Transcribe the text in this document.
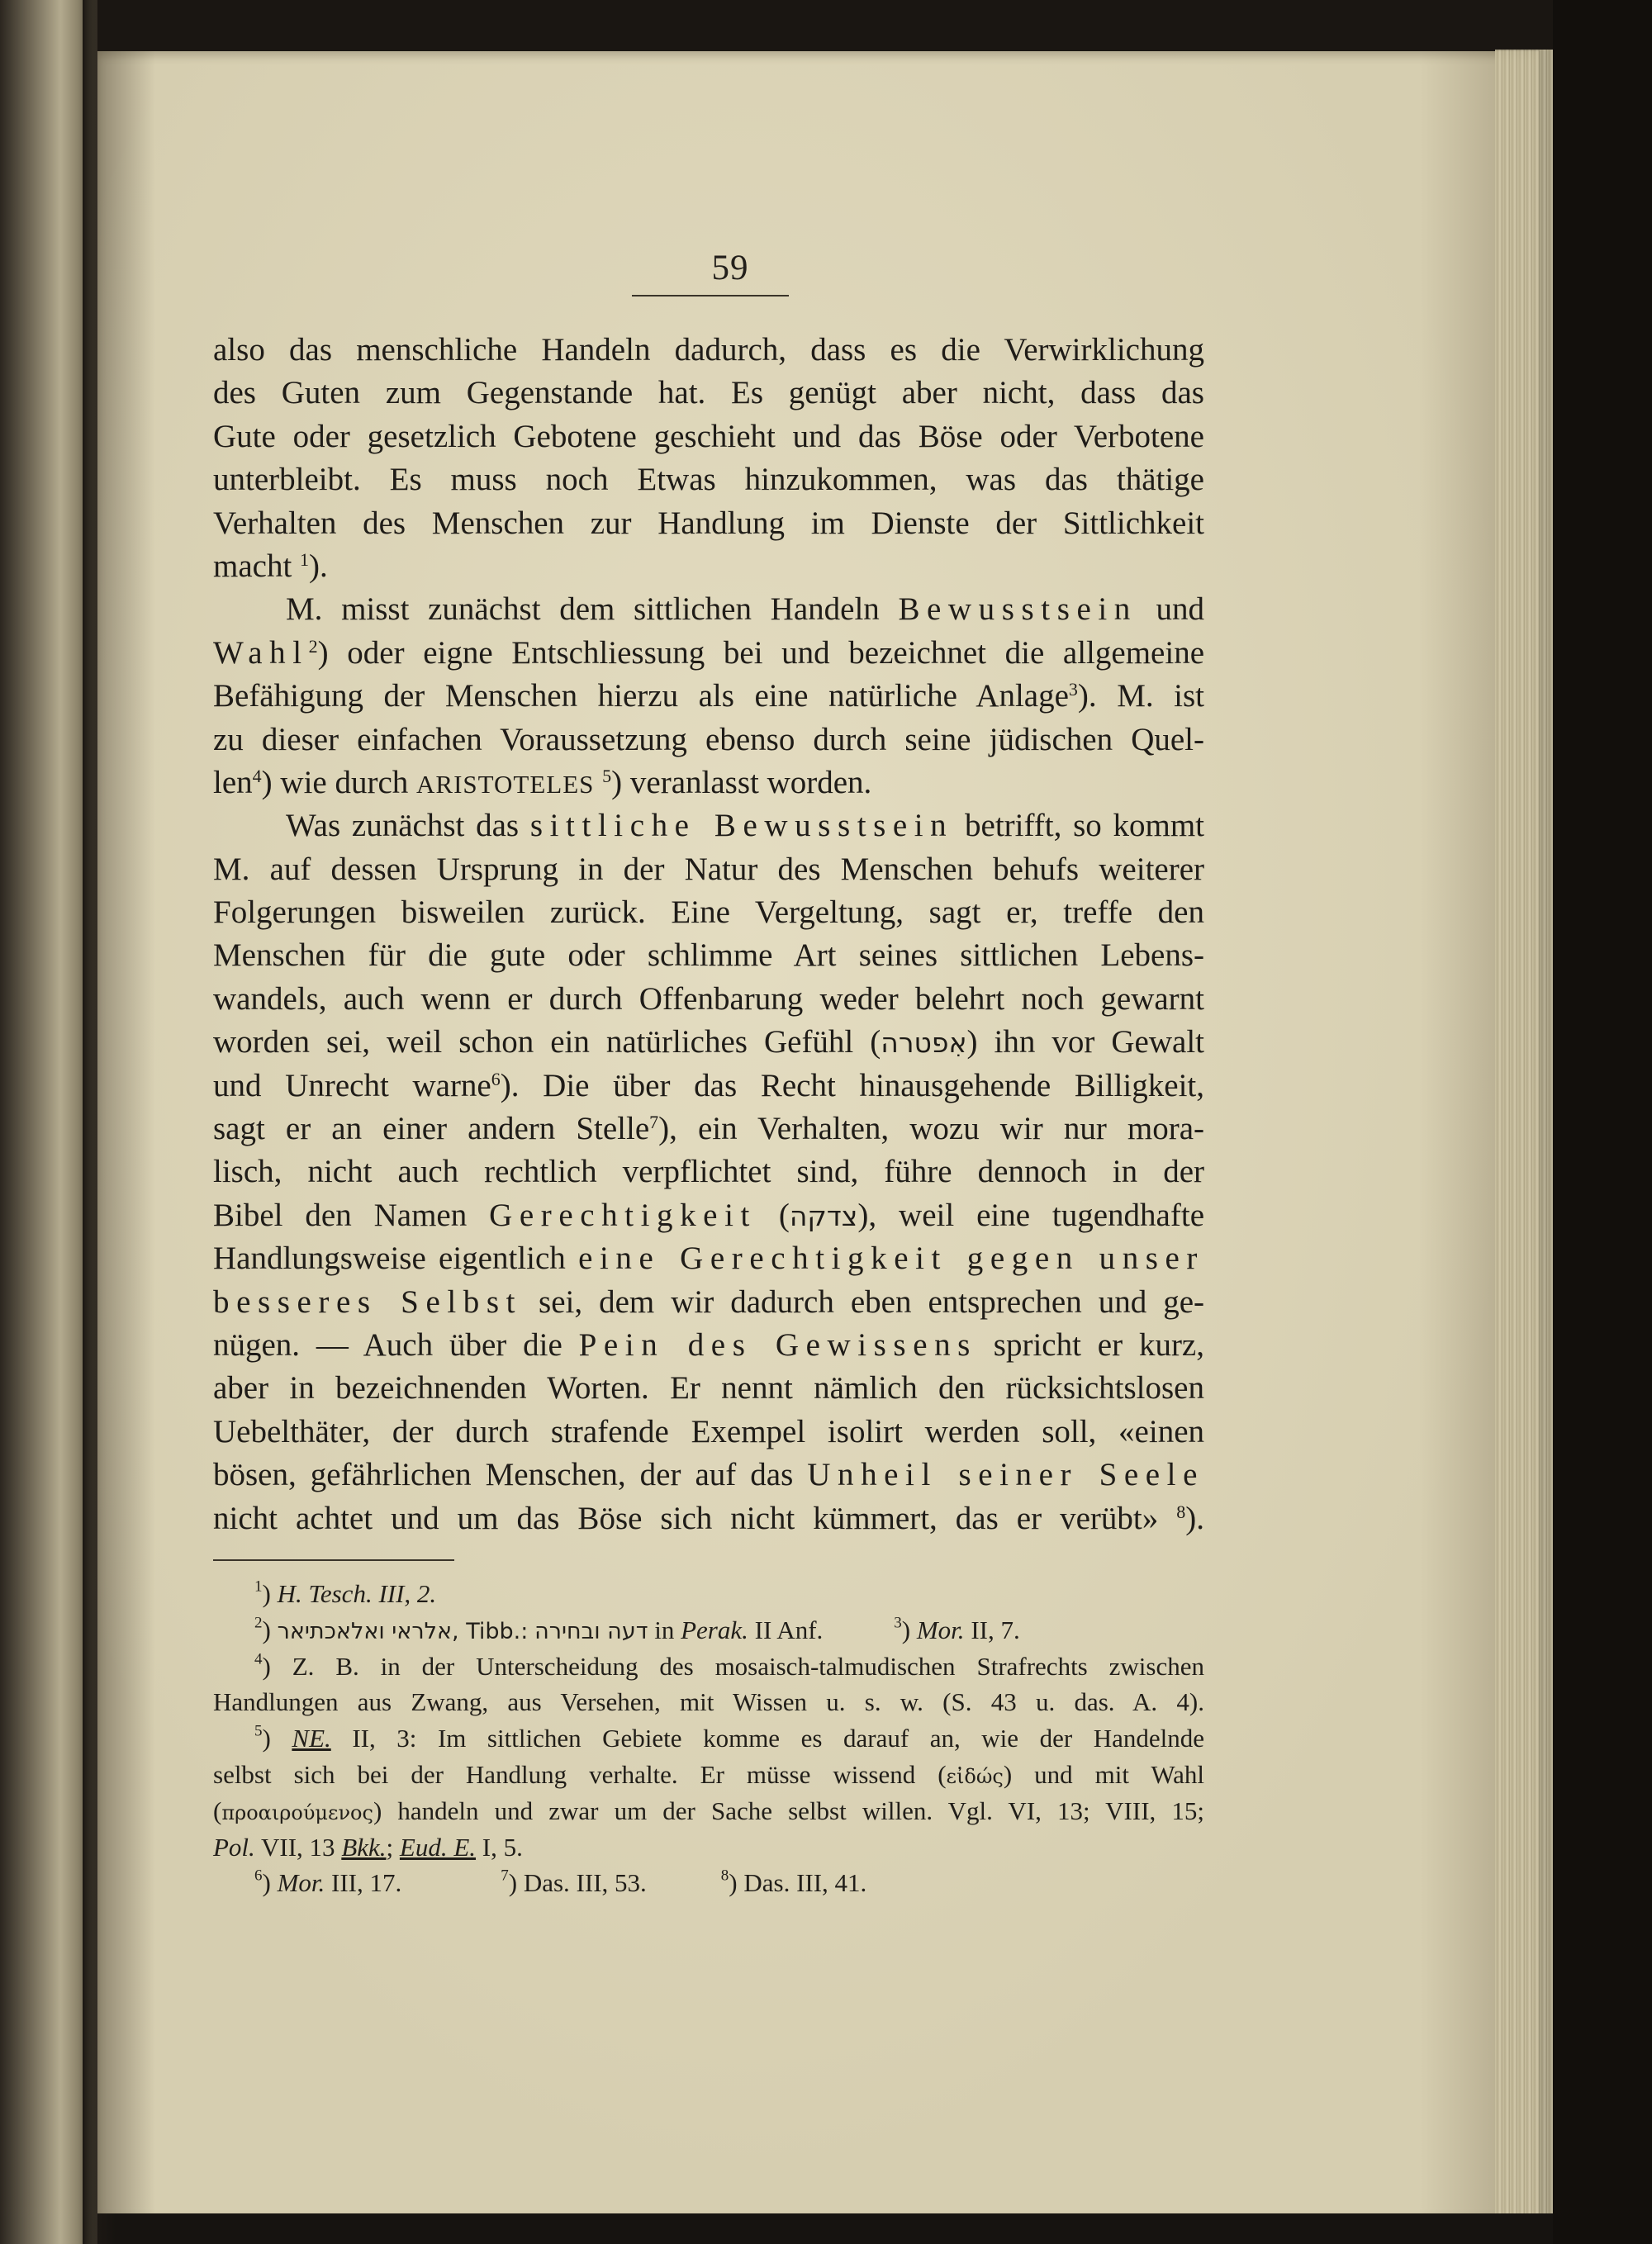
59
also das menschliche Handeln dadurch, dass es die Verwirklichung
des Guten zum Gegenstande hat. Es genügt aber nicht, dass das
Gute oder gesetzlich Gebotene geschieht und das Böse oder Verbotene
unterbleibt. Es muss noch Etwas hinzukommen, was das thätige
Verhalten des Menschen zur Handlung im Dienste der Sittlichkeit
macht $^1$).
M. misst zunächst dem sittlichen Handeln Bewusstsein und
Wahl$^2$) oder eigne Entschliessung bei und bezeichnet die allgemeine
Befähigung der Menschen hierzu als eine natürliche Anlage$^3$). M. ist
zu dieser einfachen Voraussetzung ebenso durch seine jüdischen Quel-
len$^4$) wie durch ARISTOTELES $^5$) veranlasst worden.
Was zunächst das sittliche Bewusstsein betrifft, so kommt
M. auf dessen Ursprung in der Natur des Menschen behufs weiterer
Folgerungen bisweilen zurück. Eine Vergeltung, sagt er, treffe den
Menschen für die gute oder schlimme Art seines sittlichen Lebens-
wandels, auch wenn er durch Offenbarung weder belehrt noch gewarnt
worden sei, weil schon ein natürliches Gefühl (אִפטרה) ihn vor Gewalt
und Unrecht warne$^6$). Die über das Recht hinausgehende Billigkeit,
sagt er an einer andern Stelle$^7$), ein Verhalten, wozu wir nur mora-
lisch, nicht auch rechtlich verpflichtet sind, führe dennoch in der
Bibel den Namen Gerechtigkeit (צדקה), weil eine tugendhafte
Handlungsweise eigentlich eine Gerechtigkeit gegen unser
besseres Selbst sei, dem wir dadurch eben entsprechen und ge-
nügen. — Auch über die Pein des Gewissens spricht er kurz,
aber in bezeichnenden Worten. Er nennt nämlich den rücksichtslosen
Uebelthäter, der durch strafende Exempel isolirt werden soll, «einen
bösen, gefährlichen Menschen, der auf das Unheil seiner Seele
nicht achtet und um das Böse sich nicht kümmert, das er verübt» $^8$).
$^1$) H. Tesch. III, 2.
$^2$) אלראי ואלאכתיאר, Tibb.: דעה ובחירה in Perak. II Anf.	$^3$) Mor. II, 7.
$^4$) Z. B. in der Unterscheidung des mosaisch-talmudischen Strafrechts zwischen
Handlungen aus Zwang, aus Versehen, mit Wissen u. s. w. (S. 43 u. das. A. 4).
$^5$) NE. II, 3: Im sittlichen Gebiete komme es darauf an, wie der Handelnde
selbst sich bei der Handlung verhalte. Er müsse wissend (εἰδώς) und mit Wahl
(προαιρούμενος) handeln und zwar um der Sache selbst willen. Vgl. VI, 13; VIII, 15;
Pol. VII, 13 Bkk.; Eud. E. I, 5.
$^6$) Mor. III, 17.	$^7$) Das. III, 53.	$^8$) Das. III, 41.
